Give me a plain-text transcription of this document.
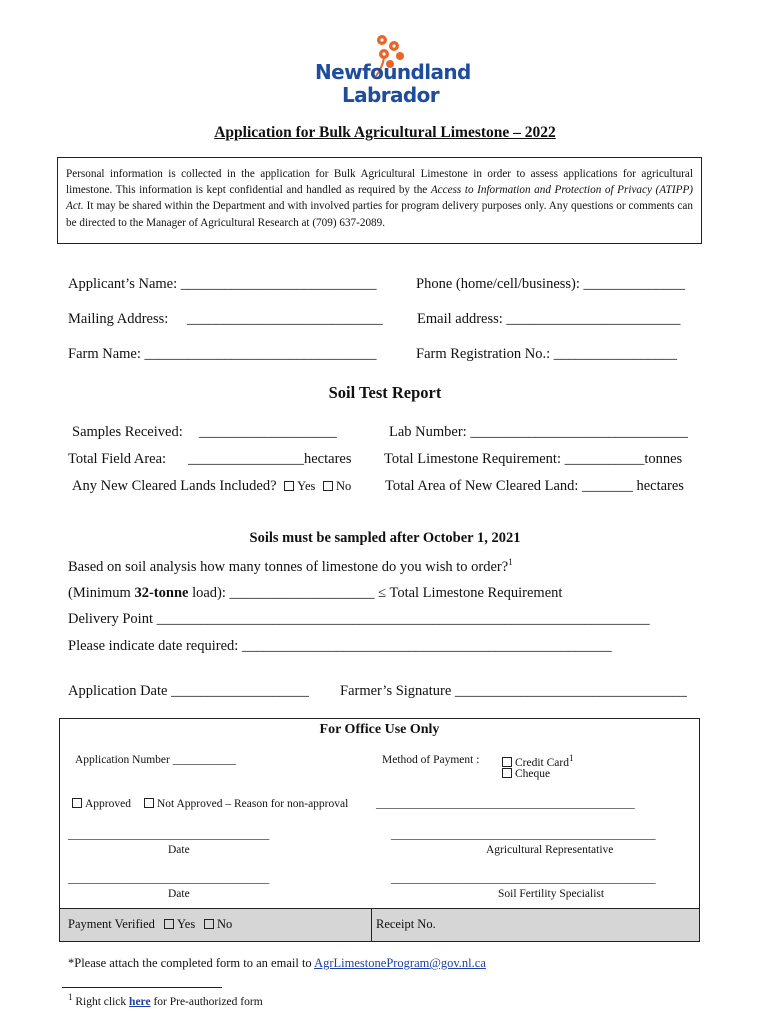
Newfoundland
Labrador
Application for Bulk Agricultural Limestone – 2022
Personal information is collected in the application for Bulk Agricultural Limestone in order to assess applications for agricultural limestone. This information is kept confidential and handled as required by the Access to Information and Protection of Privacy (ATIPP) Act. It may be shared within the Department and with involved parties for program delivery purposes only. Any questions or comments can be directed to the Manager of Agricultural Research at (709) 637-2089.
Applicant’s Name: ___________________________	Phone (home/cell/business): ______________
Mailing Address: ___________________________ Email address: ________________________
Farm Name: ________________________________	Farm Registration No.: _________________
Soil Test Report
Samples Received: ___________________	Lab Number: ______________________________
Total Field Area: ________________hectares Total Limestone Requirement: ___________tonnes
Any New Cleared Lands Included? Yes No Total Area of New Cleared Land: _______ hectares
Soils must be sampled after October 1, 2021
Based on soil analysis how many tonnes of limestone do you wish to order?$^1$
(Minimum 32-tonne load): ____________________ ≤ Total Limestone Requirement
Delivery Point ____________________________________________________________________
Please indicate date required: ___________________________________________________
Application Date ___________________ Farmer’s Signature ________________________________
For Office Use Only
Application Number ___________	Method of Payment :	Credit Card$^1$
Cheque
Approved	Not Approved – Reason for non-approval _____________________________________________
___________________________________	______________________________________________
Date	Agricultural Representative
___________________________________	______________________________________________
Date	Soil Fertility Specialist
Payment Verified	Yes	No	Receipt No.
*Please attach the completed form to an email to AgrLimestoneProgram@gov.nl.ca
$^1$ Right click here for Pre-authorized form
